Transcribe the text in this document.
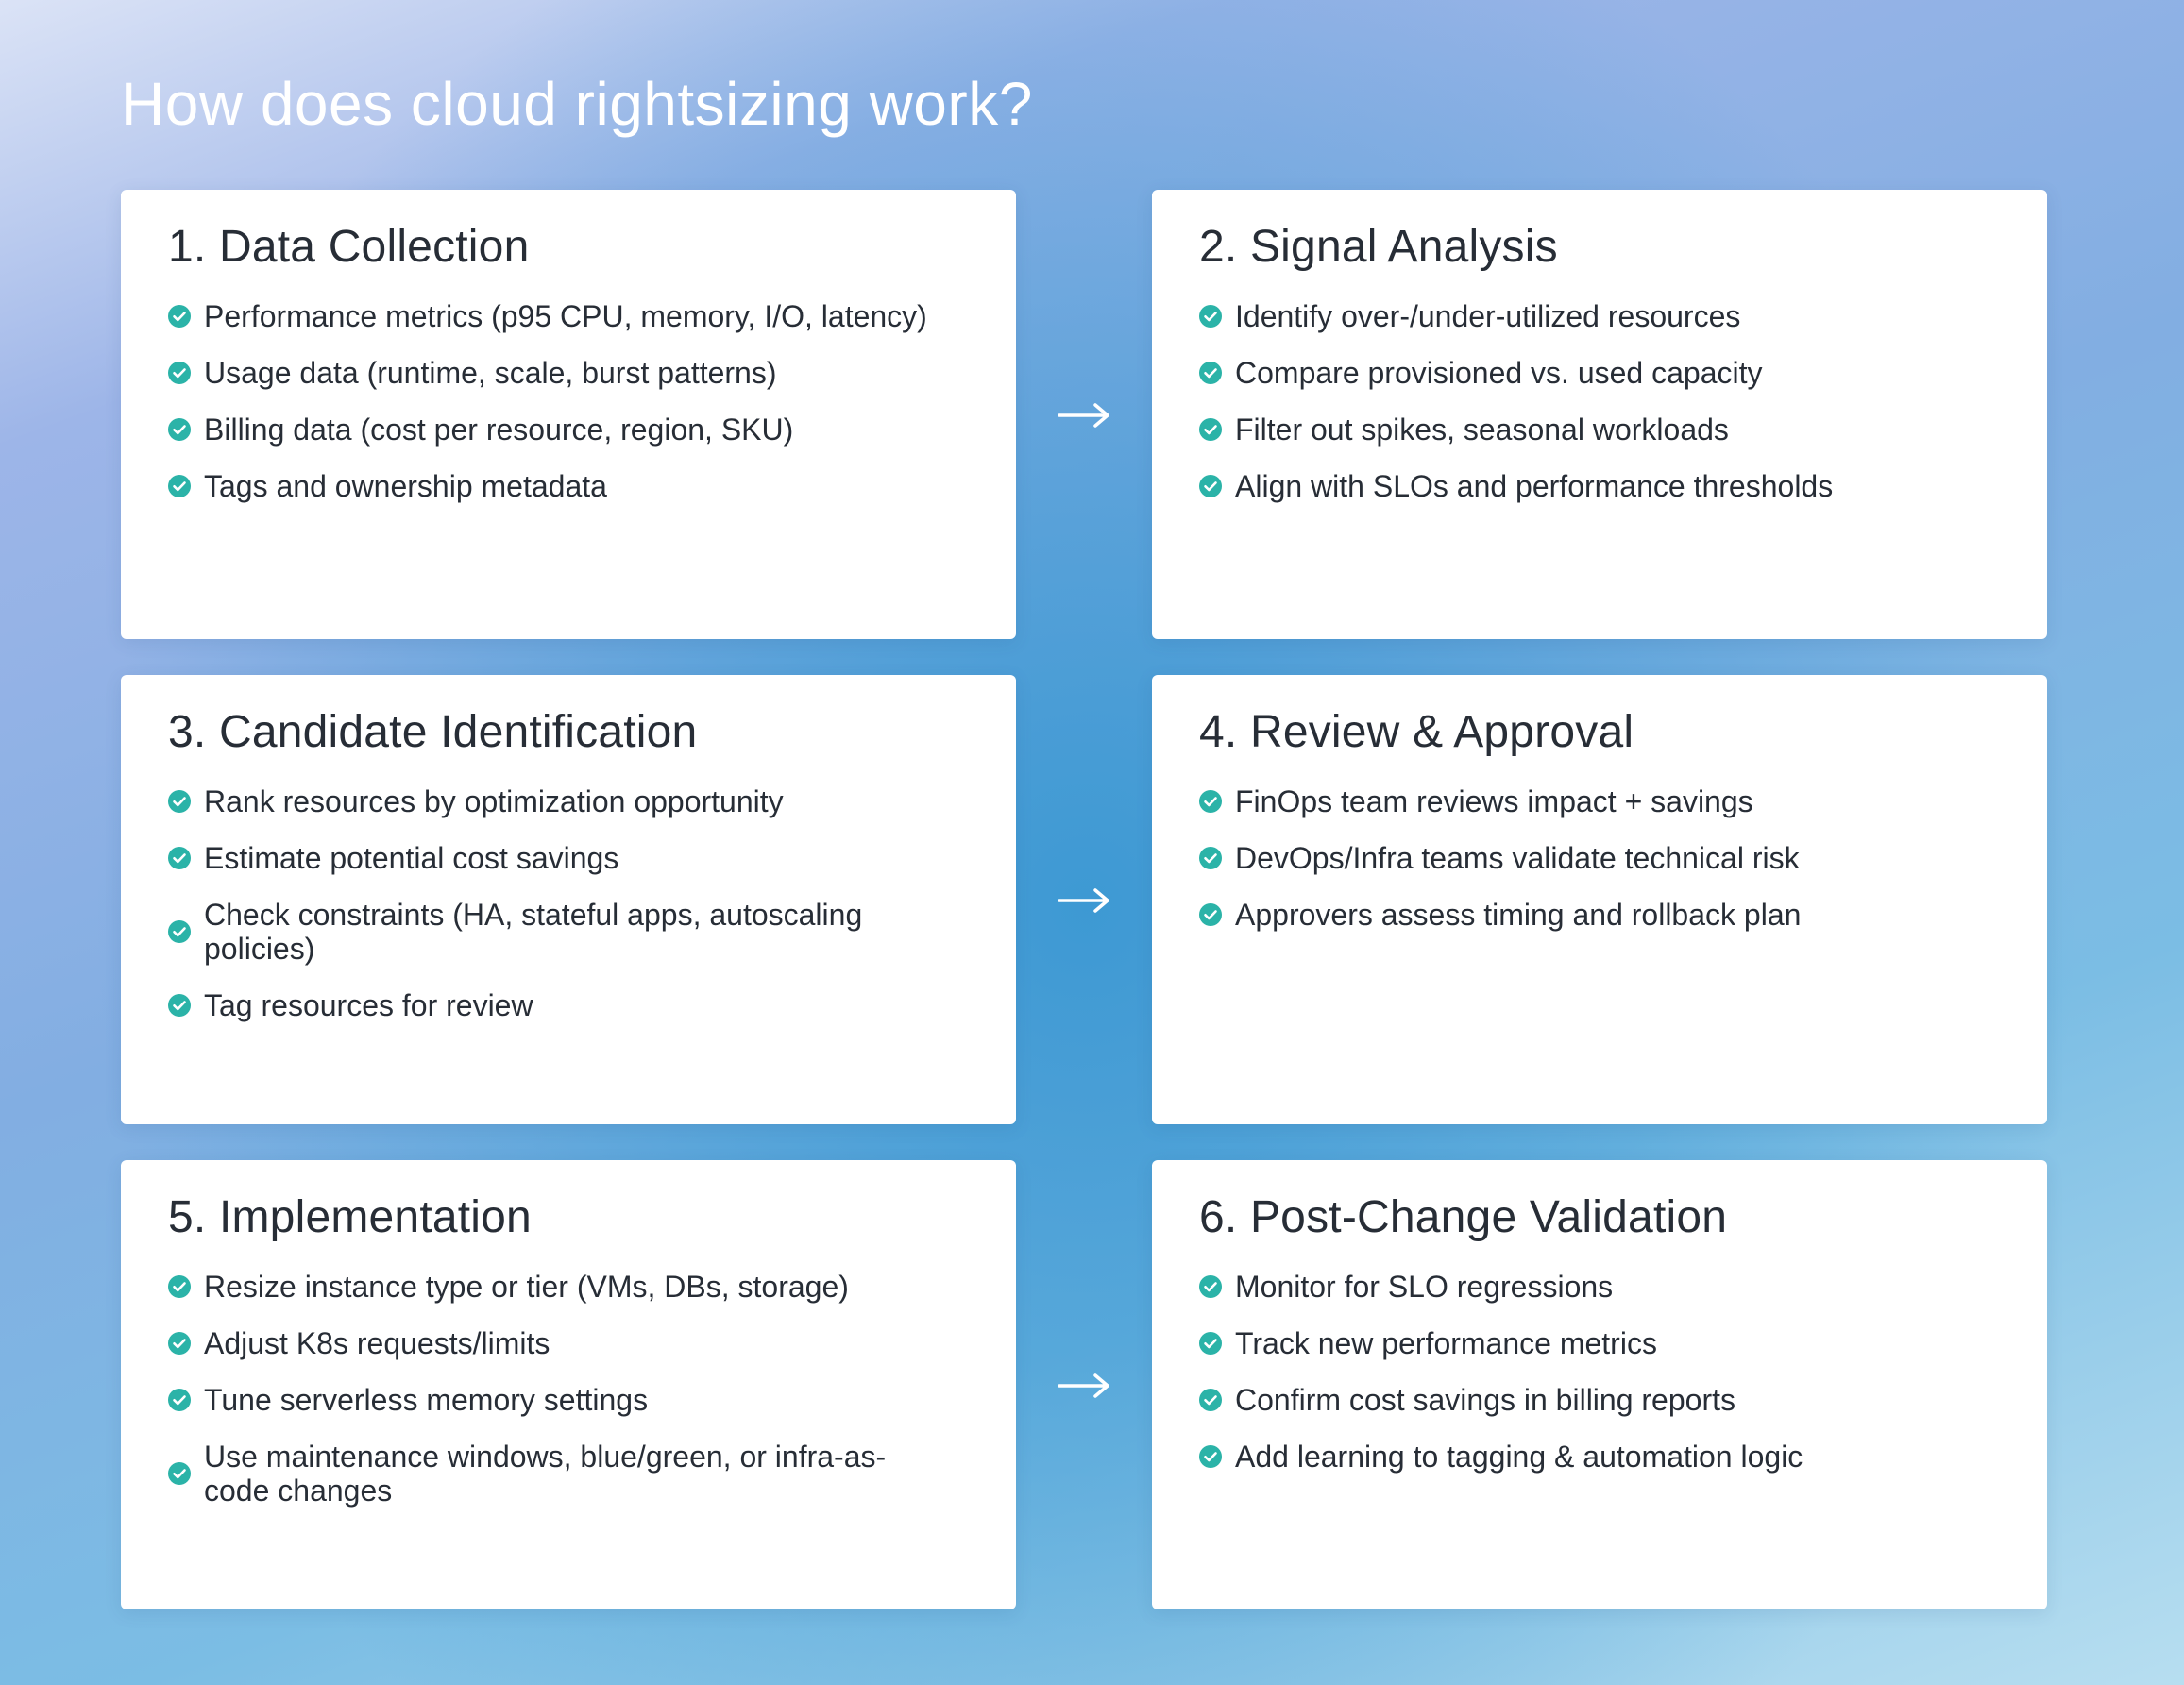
How does cloud rightsizing work?
1. Data Collection
Performance metrics (p95 CPU, memory, I/O, latency)
Usage data (runtime, scale, burst patterns)
Billing data (cost per resource, region, SKU)
Tags and ownership metadata
2. Signal Analysis
Identify over-/under-utilized resources
Compare provisioned vs. used capacity
Filter out spikes, seasonal workloads
Align with SLOs and performance thresholds
3. Candidate Identification
Rank resources by optimization opportunity
Estimate potential cost savings
Check constraints (HA, stateful apps, autoscaling policies)
Tag resources for review
4. Review & Approval
FinOps team reviews impact + savings
DevOps/Infra teams validate technical risk
Approvers assess timing and rollback plan
5. Implementation
Resize instance type or tier (VMs, DBs, storage)
Adjust K8s requests/limits
Tune serverless memory settings
Use maintenance windows, blue/green, or infra-as-code changes
6. Post-Change Validation
Monitor for SLO regressions
Track new performance metrics
Confirm cost savings in billing reports
Add learning to tagging & automation logic
